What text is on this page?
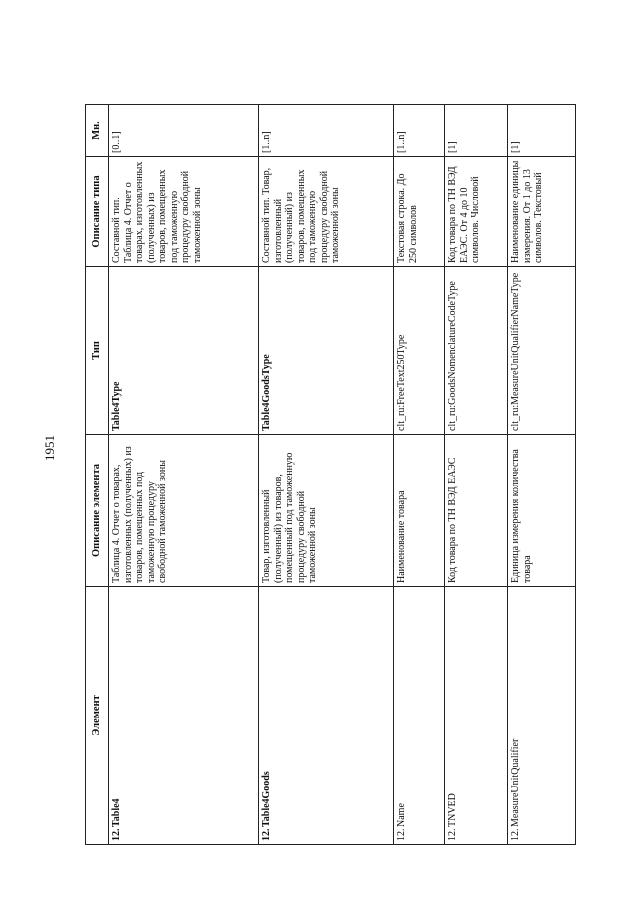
1951
Элемент	Описание элемента	Тип	Описание типа	Мн.
12.Table4	Таблица 4. Отчет о товарах, изготовленных (полученных) из товаров, помещенных под таможенную процедуру свободной таможенной зоны	Table4Type	Составной тип. Таблица 4. Отчет о товарах, изготовленных (полученных) из товаров, помещенных под таможенную процедуру свободной таможенной зоны	[0..1]
12.Table4Goods	Товар, изготовленный (полученный) из товаров, помещенный под таможенную процедуру свободной таможенной зоны	Table4GoodsType	Составной тип. Товар, изготовленный (полученный) из товаров, помещенных под таможенную процедуру свободной таможенной зоны	[1..n]
12.Name	Наименование товара	clt_ru:FreeText250Type	Текстовая строка. До 250 символов	[1..n]
12.TNVED	Код товара по ТН ВЭД ЕАЭС	clt_ru:GoodsNomenclatureCodeType	Код товара по ТН ВЭД ЕАЭС. От 4 до 10 символов. Числовой	[1]
12.MeasureUnitQualifier	Единица измерения количества товара	clt_ru:MeasureUnitQualifierNameType	Наименование единицы измерения. От 1 до 13 символов. Текстовый	[1]
